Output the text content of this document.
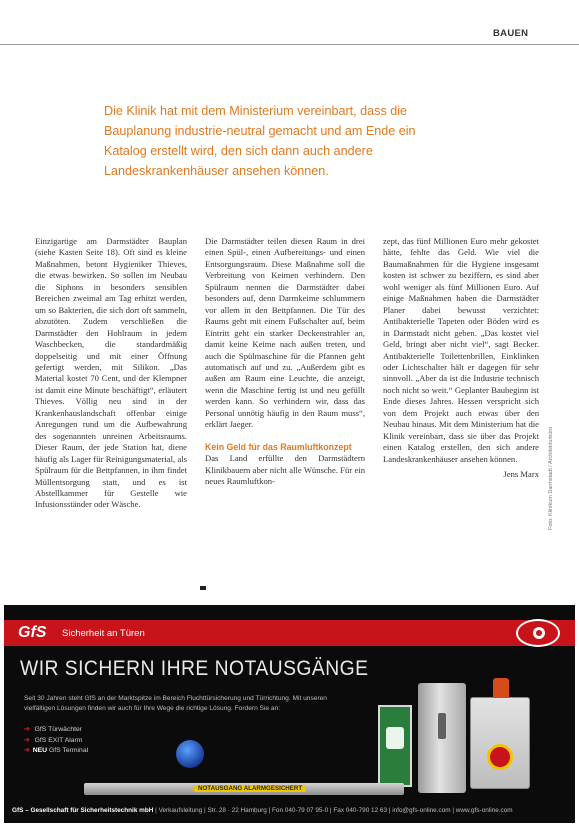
BAUEN
Die Klinik hat mit dem Ministerium vereinbart, dass die Bauplanung industrie-neutral gemacht und am Ende ein Katalog erstellt wird, den sich dann auch andere Landeskrankenhäuser ansehen können.
Einzigartige am Darmstädter Bauplan (siehe Kasten Seite 18). Oft sind es kleine Maßnahmen, betont Hygieniker Thieves, die etwas bewirken. So sollen im Neubau die Siphons in besonders sensiblen Bereichen zweimal am Tag erhitzt werden, um so Bakterien, die sich dort oft sammeln, abzutöten. Zudem verschließen die Darmstädter den Hohlraum in jedem Waschbecken, die standardmäßig doppelseitig und mit einer Öffnung gefertigt werden, mit Silikon. „Das Material kostet 70 Cent, und der Klempner ist damit eine Minute beschäftigt“, erläutert Thieves. Völlig neu sind in der Krankenhauslandschaft offenbar einige Anregungen rund um die Aufbewahrung des sogenannten unreinen Arbeitsraums. Dieser Raum, der jede Station hat, diene häufig als Lager für Reinigungsmaterial, als Spülraum für die Bettpfannen, in ihm findet Müllentsorgung statt, und es ist Abstellkammer für Gestelle wie Infusionsständer oder Wäsche.
Die Darmstädter teilen diesen Raum in drei einen Spül-, einen Aufbereitungs- und einen Entsorgungsraum. Diese Maßnahme soll die Verbreitung von Keimen verhindern. Den Spülraum nennen die Darmstädter dabei besonders auf, denn Darmkeime schlummern vor allem in den Bettpfannen. Die Tür des Raums geht mit einem Fußschalter auf, beim Eintritt geht ein starker Deckenstrahler an, damit keine Keime nach außen treten, und auch die Spülmaschine für die Pfannen geht automatisch auf und zu. „Außerdem gibt es außen am Raum eine Leuchte, die anzeigt, wenn die Maschine fertig ist und neu gefüllt werden kann. So verhindern wir, dass das Personal unnötig häufig in den Raum muss“, erklärt Jaeger.
Kein Geld für das Raumluftkonzept
Das Land erfüllte den Darmstädtern Klinikbauern aber nicht alle Wünsche. Für ein neues Raumluftkon-
zept, das fünf Millionen Euro mehr gekostet hätte, fehlte das Geld. Wie viel die Baumaßnahmen für die Hygiene insgesamt kosten ist schwer zu beziffern, es sind aber wohl weniger als fünf Millionen Euro. Auf einige Maßnahmen haben die Darmstädter Planer dabei bewusst verzichtet: Antibakterielle Tapeten oder Böden wird es in Darmstadt nicht geben. „Das kostet viel Geld, bringt aber nicht viel“, sagt Becker. Antibakterielle Toilettenbrillen, Einklinken oder Lichtschalter hält er dagegen für sehr sinnvoll. „Aber da ist die Industrie technisch noch nicht so weit.“ Geplanter Baubeginn ist Ende dieses Jahres. Hessen verspricht sich von dem Projekt auch etwas über den Neubau hinaus. Mit dem Ministerium hat die Klinik vereinbart, dass sie über das Projekt einen Katalog erstellen, den sich andere Landeskrankenhäuser ansehen können.
Jens Marx Foto: Klinikum Darmstadt / Architekturbüro
GfS Sicherheit an Türen
WIR SICHERN IHRE NOTAUSGÄNGE
Seit 30 Jahren steht GfS an der Marktspitze im Bereich Fluchttürsicherung und Türrichtung. Mit unseren vielfältigen Lösungen finden wir auch für Ihre Wege die richtige Lösung. Fordern Sie an:
➔ GfS Türwächter
➔ GfS EXIT Alarm
➔ NEU GfS Terminal
NOTAUSGANG ALARMGESICHERT
GfS – Gesellschaft für Sicherheitstechnik mbH | Verkaufsleitung | Str. 28 · 22 Hamburg | Fon 040-79 07 95-0 | Fax 040-790 12 63 | info@gfs-online.com | www.gfs-online.com
